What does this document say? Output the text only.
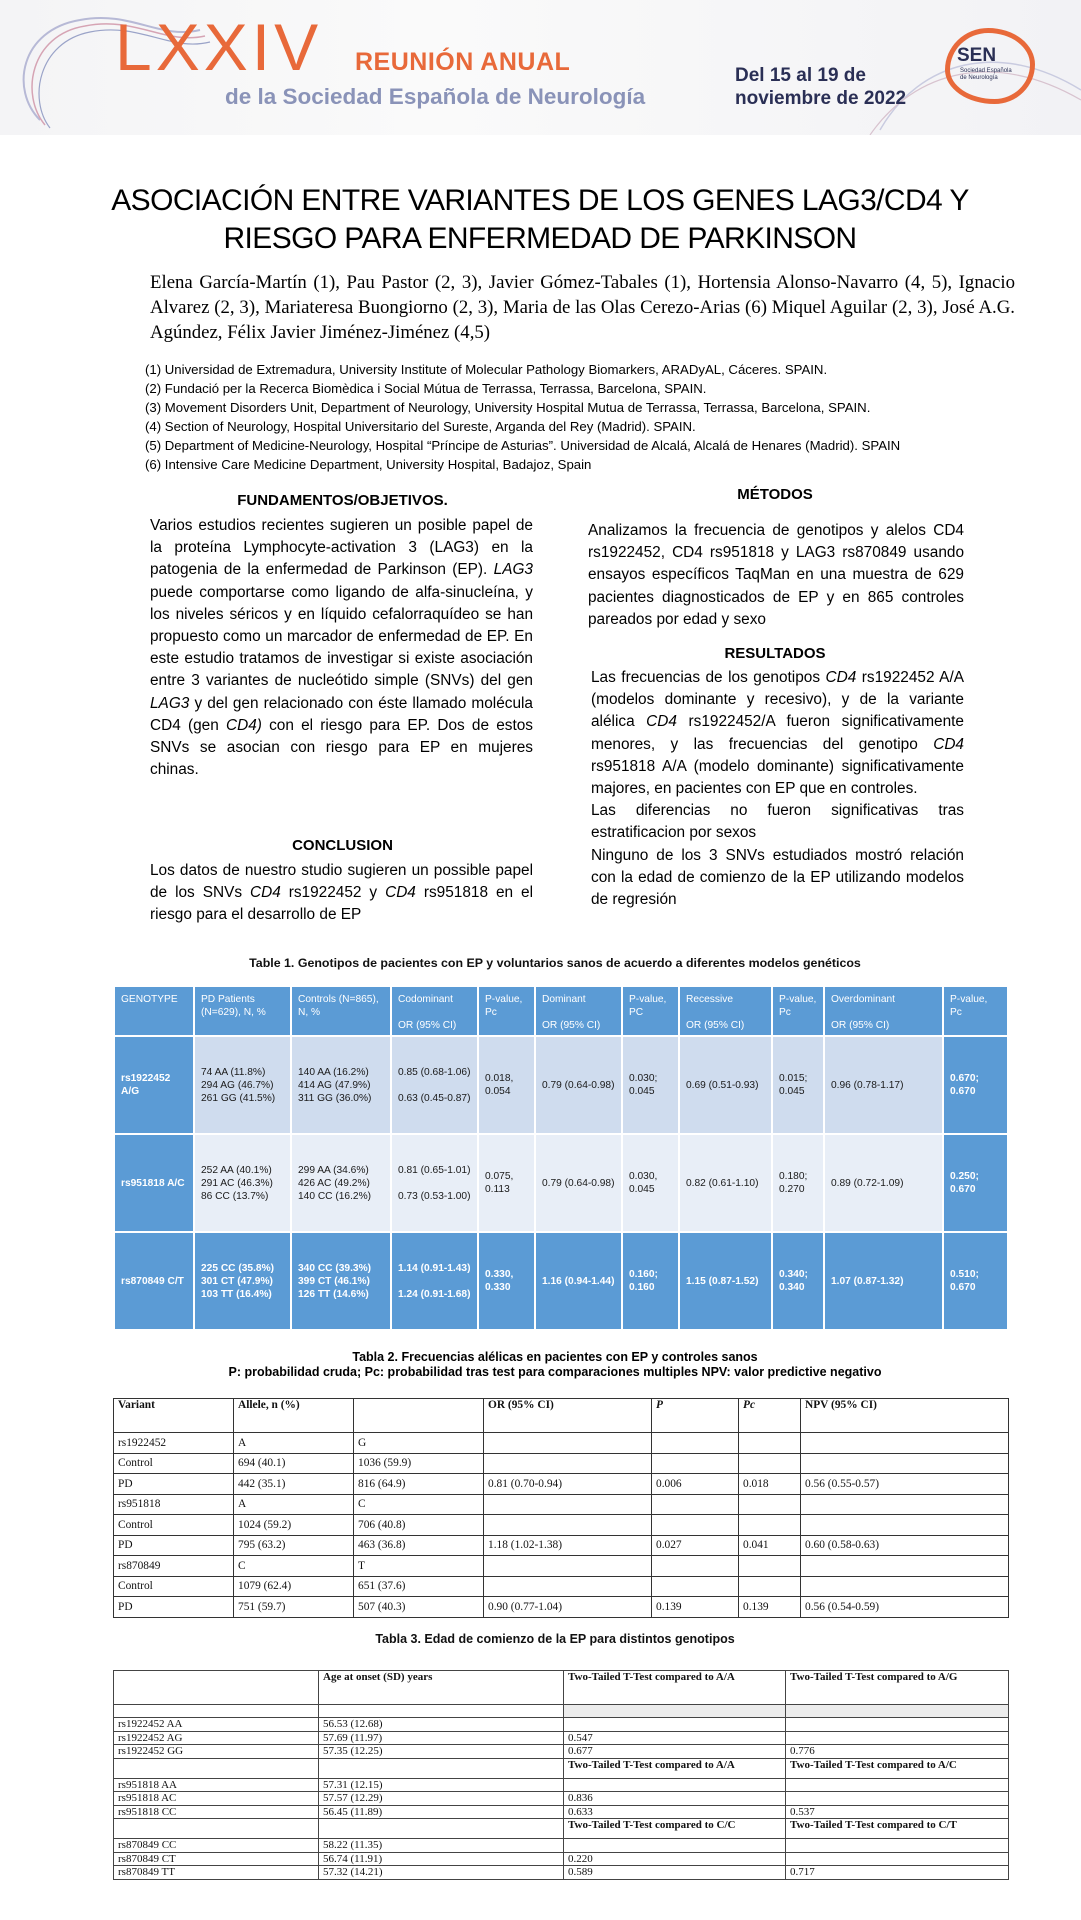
LXXIV REUNIÓN ANUAL
de la Sociedad Española de Neurología
Del 15 al 19 de
noviembre de 2022
SEN
Sociedad Española de Neurología
ASOCIACIÓN ENTRE VARIANTES DE LOS GENES LAG3/CD4 Y
RIESGO PARA ENFERMEDAD DE PARKINSON
Elena García-Martín (1), Pau Pastor (2, 3), Javier Gómez-Tabales (1), Hortensia Alonso-Navarro (4, 5), Ignacio Alvarez (2, 3), Mariateresa Buongiorno (2, 3), Maria de las Olas Cerezo-Arias (6) Miquel Aguilar (2, 3), José A.G. Agúndez, Félix Javier Jiménez-Jiménez (4,5)
(1) Universidad de Extremadura, University Institute of Molecular Pathology Biomarkers, ARADyAL, Cáceres. SPAIN.
(2) Fundació per la Recerca Biomèdica i Social Mútua de Terrassa, Terrassa, Barcelona, SPAIN.
(3) Movement Disorders Unit, Department of Neurology, University Hospital Mutua de Terrassa, Terrassa, Barcelona, SPAIN.
(4) Section of Neurology, Hospital Universitario del Sureste, Arganda del Rey (Madrid). SPAIN.
(5) Department of Medicine-Neurology, Hospital “Príncipe de Asturias”. Universidad de Alcalá, Alcalá de Henares (Madrid). SPAIN
(6) Intensive Care Medicine Department, University Hospital, Badajoz, Spain
FUNDAMENTOS/OBJETIVOS.
Varios estudios recientes sugieren un posible papel de la proteína Lymphocyte-activation 3 (LAG3) en la patogenia de la enfermedad de Parkinson (EP). LAG3 puede comportarse como ligando de alfa-sinucleína, y los niveles séricos y en líquido cefalorraquídeo se han propuesto como un marcador de enfermedad de EP. En este estudio tratamos de investigar si existe asociación entre 3 variantes de nucleótido simple (SNVs) del gen LAG3 y del gen relacionado con éste llamado molécula CD4 (gen CD4) con el riesgo para EP. Dos de estos SNVs se asocian con riesgo para EP en mujeres chinas.
CONCLUSION
Los datos de nuestro studio sugieren un possible papel de los SNVs CD4 rs1922452 y CD4 rs951818 en el riesgo para el desarrollo de EP
MÉTODOS
Analizamos la frecuencia de genotipos y alelos CD4 rs1922452, CD4 rs951818 y LAG3 rs870849 usando ensayos específicos TaqMan en una muestra de 629 pacientes diagnosticados de EP y en 865 controles pareados por edad y sexo
RESULTADOS
Las frecuencias de los genotipos CD4 rs1922452 A/A (modelos dominante y recesivo), y de la variante alélica CD4 rs1922452/A fueron significativamente menores, y las frecuencias del genotipo CD4 rs951818 A/A (modelo dominante) significativamente majores, en pacientes con EP que en controles.
Las diferencias no fueron significativas tras estratificacion por sexos
Ninguno de los 3 SNVs estudiados mostró relación con la edad de comienzo de la EP utilizando modelos de regresión
Table 1. Genotipos de pacientes con EP y voluntarios sanos de acuerdo a diferentes modelos genéticos
GENOTYPE	PD Patients (N=629), N, %	Controls (N=865), N, %	Codominant

OR (95% CI)	P-value, Pc	Dominant

OR (95% CI)	P-value, PC	Recessive

OR (95% CI)	P-value, Pc	Overdominant

OR (95% CI)	P-value, Pc
rs1922452 A/G	74 AA (11.8%)
294 AG (46.7%)
261 GG (41.5%)	140 AA (16.2%)
414 AG (47.9%)
311 GG (36.0%)	0.85 (0.68-1.06)

0.63 (0.45-0.87)	0.018, 0.054	0.79 (0.64-0.98)	0.030; 0.045	0.69 (0.51-0.93)	0.015; 0.045	0.96 (0.78-1.17)	0.670; 0.670
rs951818 A/C	252 AA (40.1%)
291 AC (46.3%)
86 CC (13.7%)	299 AA (34.6%)
426 AC (49.2%)
140 CC (16.2%)	0.81 (0.65-1.01)

0.73 (0.53-1.00)	0.075, 0.113	0.79 (0.64-0.98)	0.030, 0.045	0.82 (0.61-1.10)	0.180; 0.270	0.89 (0.72-1.09)	0.250; 0.670
rs870849 C/T	225 CC (35.8%)
301 CT (47.9%)
103 TT (16.4%)	340 CC (39.3%)
399 CT (46.1%)
126 TT (14.6%)	1.14 (0.91-1.43)

1.24 (0.91-1.68)	0.330, 0.330	1.16 (0.94-1.44)	0.160; 0.160	1.15 (0.87-1.52)	0.340; 0.340	1.07 (0.87-1.32)	0.510; 0.670
Tabla 2. Frecuencias alélicas en pacientes con EP y controles sanos
P: probabilidad cruda; Pc: probabilidad tras test para comparaciones multiples NPV: valor predictive negativo
Variant	Allele, n (%)		OR (95% CI)	P	Pc	NPV (95% CI)
rs1922452	A	G				
Control	694 (40.1)	1036 (59.9)				
PD	442 (35.1)	816 (64.9)	0.81 (0.70-0.94)	0.006	0.018	0.56 (0.55-0.57)
rs951818	A	C				
Control	1024 (59.2)	706 (40.8)				
PD	795 (63.2)	463 (36.8)	1.18 (1.02-1.38)	0.027	0.041	0.60 (0.58-0.63)
rs870849	C	T				
Control	1079 (62.4)	651 (37.6)				
PD	751 (59.7)	507 (40.3)	0.90 (0.77-1.04)	0.139	0.139	0.56 (0.54-0.59)
Tabla 3. Edad de comienzo de la EP para distintos genotipos
	Age at onset (SD) years	Two-Tailed T-Test compared to A/A	Two-Tailed T-Test compared to A/G

rs1922452 AA	56.53 (12.68)		
rs1922452 AG	57.69 (11.97)	0.547	
rs1922452 GG	57.35 (12.25)	0.677	0.776
		Two-Tailed T-Test compared to A/A	Two-Tailed T-Test compared to A/C
rs951818 AA	57.31 (12.15)		
rs951818 AC	57.57 (12.29)	0.836	
rs951818 CC	56.45 (11.89)	0.633	0.537
		Two-Tailed T-Test compared to C/C	Two-Tailed T-Test compared to C/T
rs870849 CC	58.22 (11.35)		
rs870849 CT	56.74 (11.91)	0.220	
rs870849 TT	57.32 (14.21)	0.589	0.717
